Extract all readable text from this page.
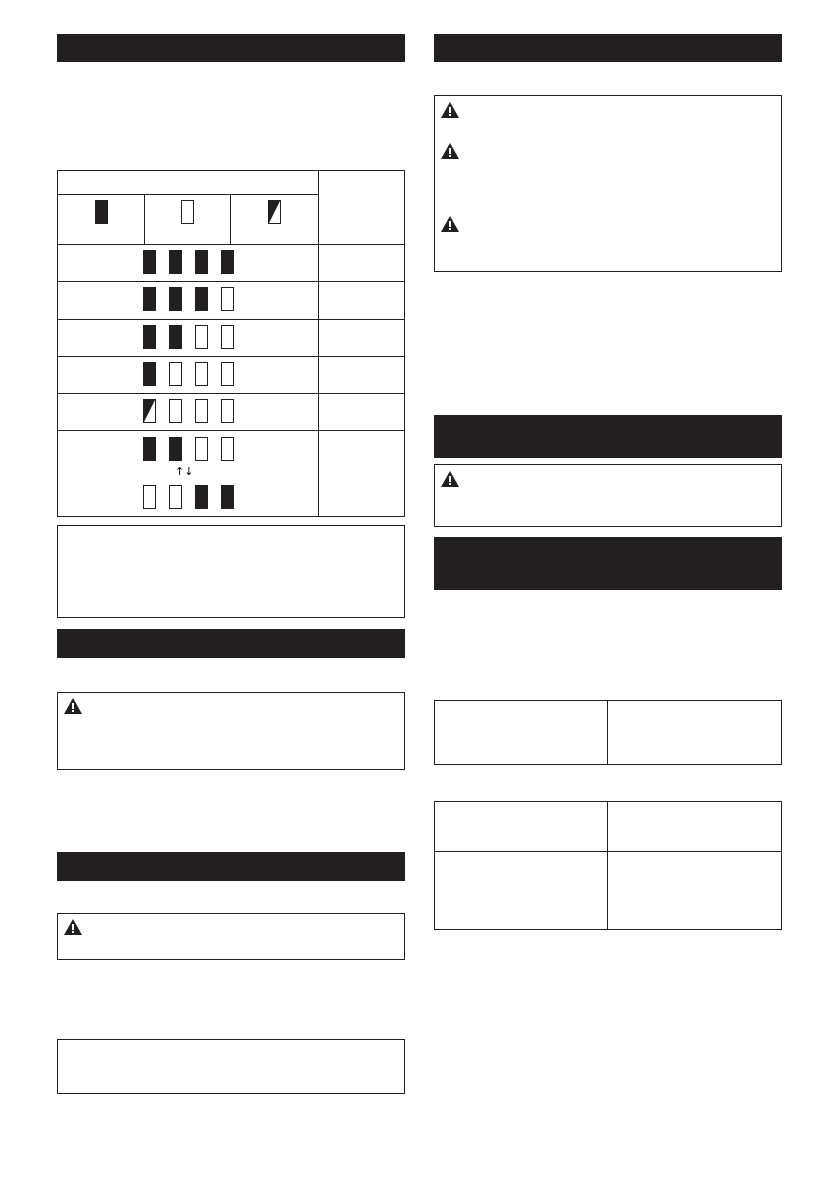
↑↓
